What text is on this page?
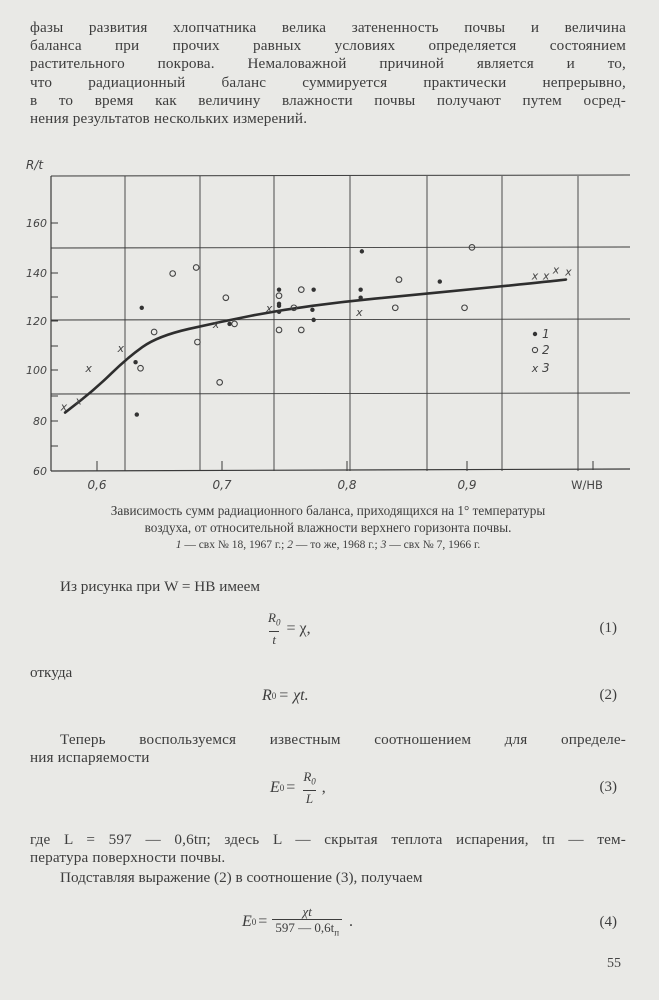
фазы развития хлопчатника велика затененность почвы и величина
баланса при прочих равных условиях определяется состоянием
растительного покрова. Немаловажной причиной является и то,
что радиационный баланс суммируется практически непрерывно,
в то время как величину влажности почвы получают путем осред-
нения результатов нескольких измерений.
60
80
100
120
140
160
R/t
0,6	0,7	0,8	0,9	W/НВ
x x
x
x
x
x	x
x x x x
1
2
x 3
Зависимость сумм радиационного баланса, приходящихся на 1° температуры
воздуха, от относительной влажности верхнего горизонта почвы.
1 — свх № 18, 1967 г.; 2 — то же, 1968 г.; 3 — свх № 7, 1966 г.
Из рисунка при W = НВ имеем
$\frac{R_0}{t} = \chi$,	(1)
откуда
R 0 = χt.	(2)
Теперь воспользуемся известным соотношением для определе-
ния испаряемости
E $0 = \frac{R_0}{L}$ ,	(3)
где L = 597 — 0,6tп; здесь L — скрытая теплота испарения, tп — тем-
пература поверхности почвы.
Подставляя выражение (2) в соотношение (3), получаем
E $0 = \frac{\chi t}{597 — 0,6t_п}$ .	(4)
55
